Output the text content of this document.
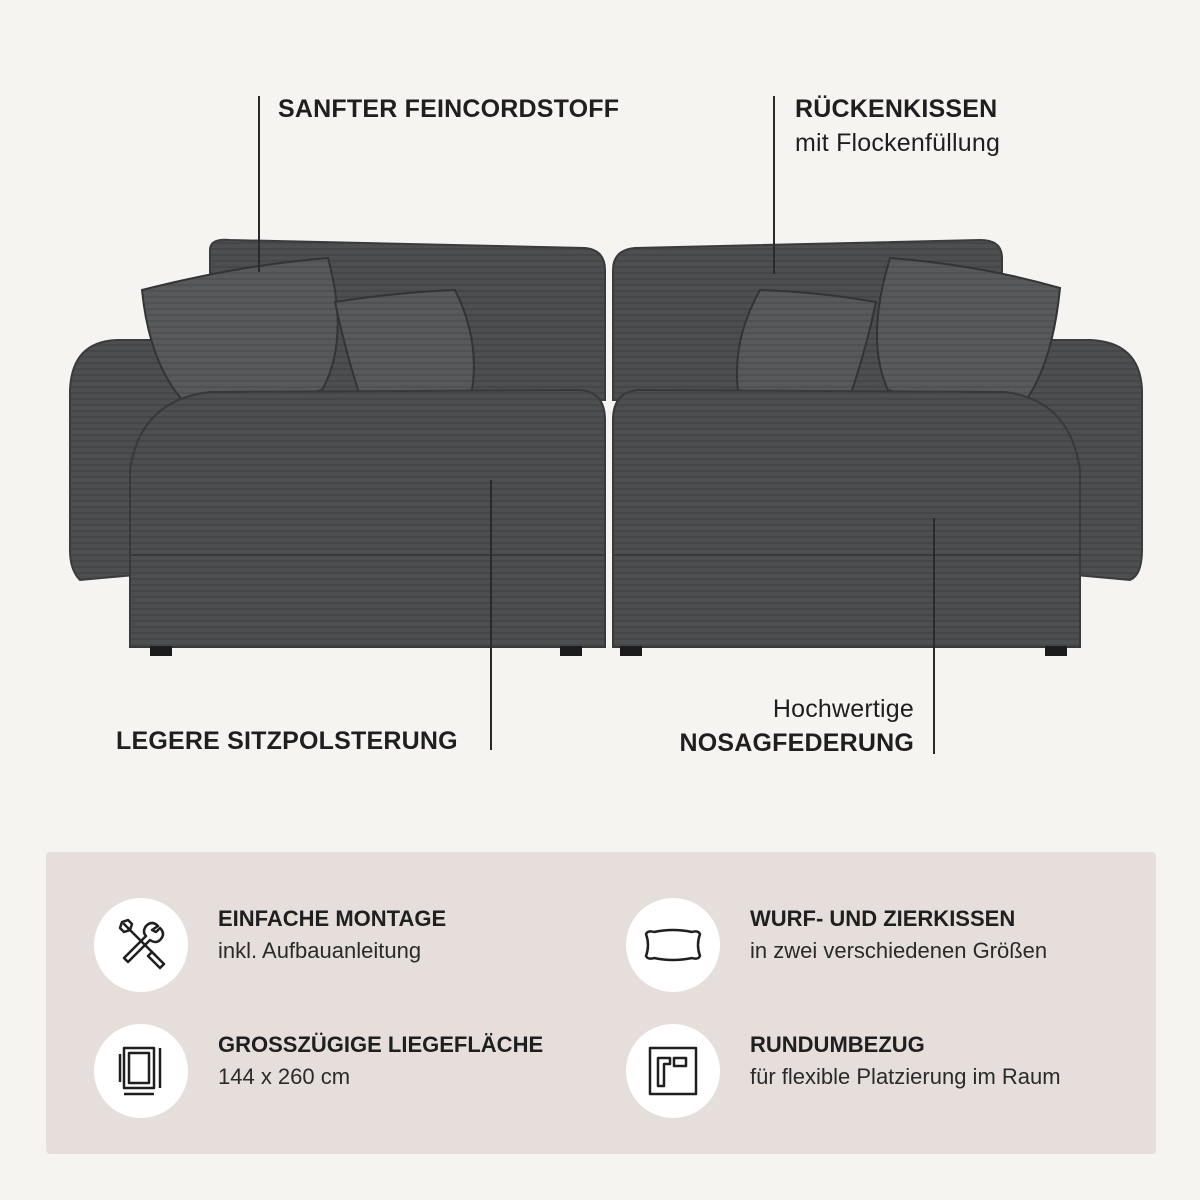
SANFTER FEINCORDSTOFF	RÜCKENKISSEN
mit Flockenfüllung
LEGERE SITZPOLSTERUNG
Hochwertige
NOSAGFEDERUNG
EINFACHE MONTAGE
inkl. Aufbauanleitung
WURF- UND ZIERKISSEN
in zwei verschiedenen Größen
GROSSZÜGIGE LIEGEFLÄCHE
144 x 260 cm
RUNDUMBEZUG
für flexible Platzierung im Raum
